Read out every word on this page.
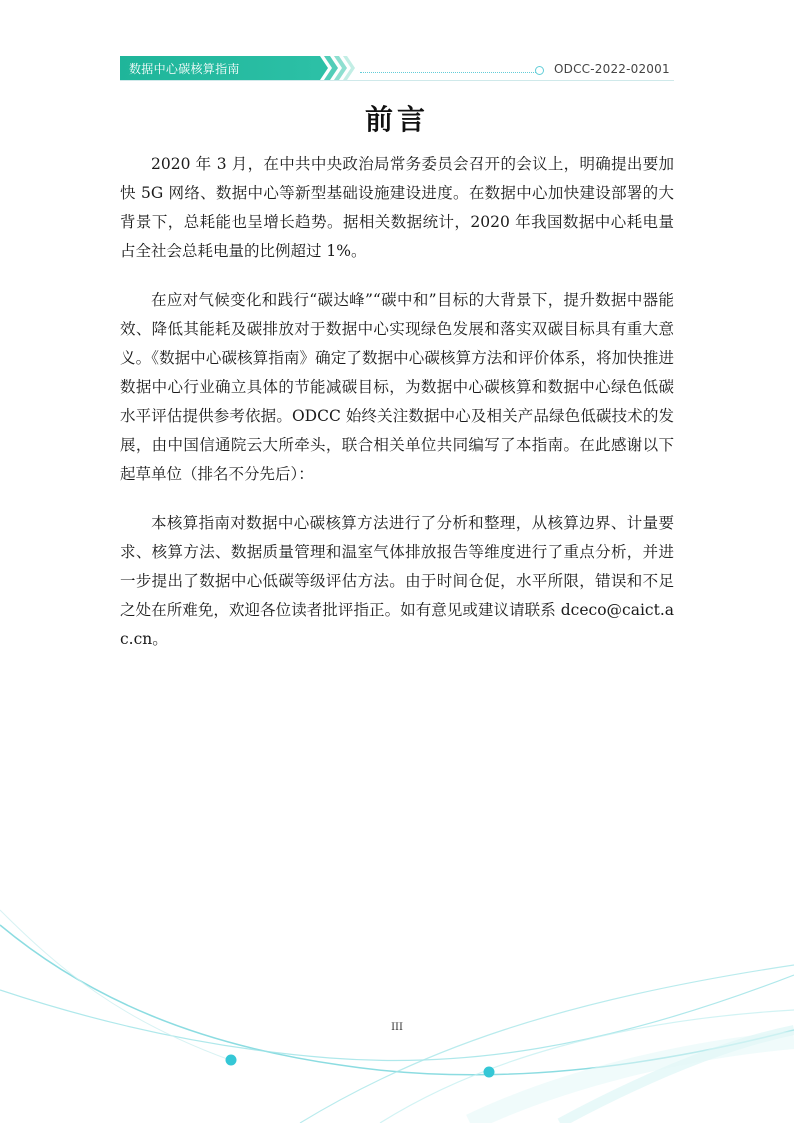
数据中心碳核算指南	ODCC-2022-02001
前言

2020 年 3 月，在中共中央政治局常务委员会召开的会议上，明确提出要加快 5G 网络、数据中心等新型基础设施建设进度。在数据中心加快建设部署的大背景下，总耗能也呈增长趋势。据相关数据统计，2020 年我国数据中心耗电量占全社会总耗电量的比例超过 1%。

在应对气候变化和践行“碳达峰”“碳中和”目标的大背景下，提升数据中器能效、降低其能耗及碳排放对于数据中心实现绿色发展和落实双碳目标具有重大意义。《数据中心碳核算指南》确定了数据中心碳核算方法和评价体系，将加快推进数据中心行业确立具体的节能减碳目标，为数据中心碳核算和数据中心绿色低碳水平评估提供参考依据。ODCC 始终关注数据中心及相关产品绿色低碳技术的发展，由中国信通院云大所牵头，联合相关单位共同编写了本指南。在此感谢以下起草单位（排名不分先后）：

本核算指南对数据中心碳核算方法进行了分析和整理，从核算边界、计量要求、核算方法、数据质量管理和温室气体排放报告等维度进行了重点分析，并进一步提出了数据中心低碳等级评估方法。由于时间仓促，水平所限，错误和不足之处在所难免，欢迎各位读者批评指正。如有意见或建议请联系 dceco@caict.ac.cn。

III
